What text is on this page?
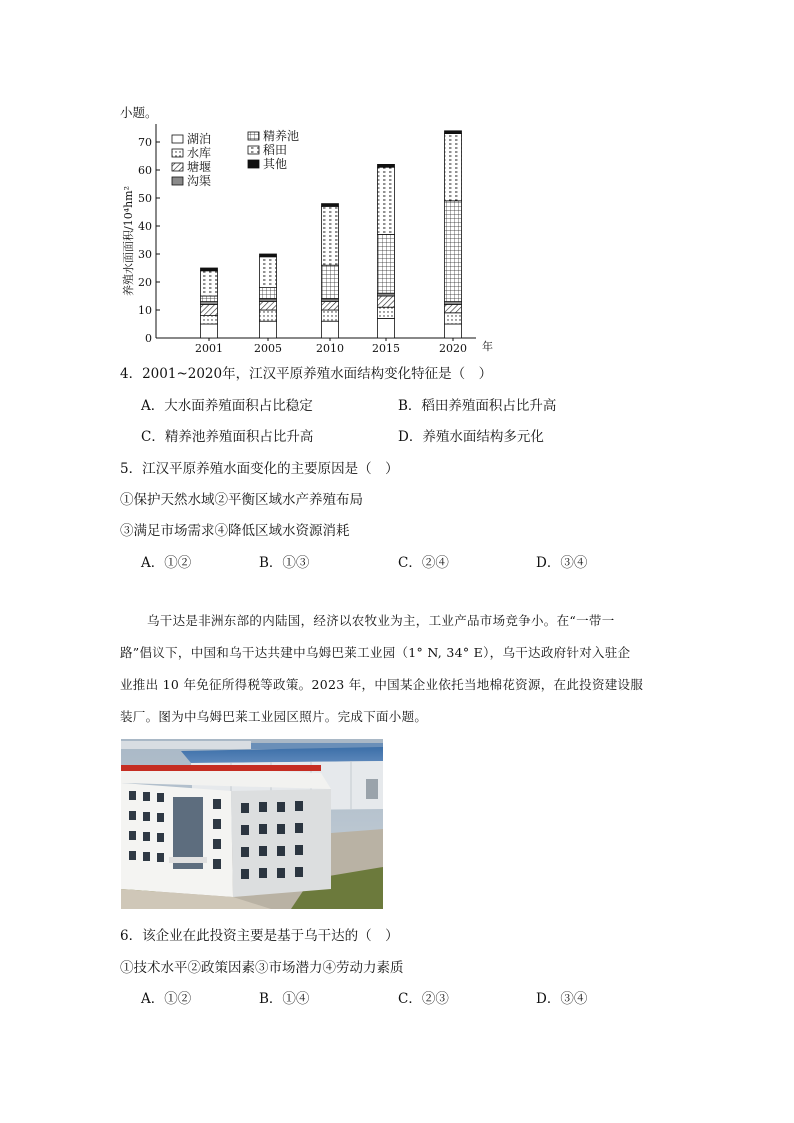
小题。
0
10
20
30
40
50
60
70
养殖水面面积/10⁴hm²
年
2001	2005	2010	2015	2020
湖泊
水库
塘堰
沟渠
精养池
稻田
其他
4．2001~2020年，江汉平原养殖水面结构变化特征是（　）
A．大水面养殖面积占比稳定	B．稻田养殖面积占比升高
C．精养池养殖面积占比升高	D．养殖水面结构多元化
5．江汉平原养殖水面变化的主要原因是（　）
①保护天然水域②平衡区域水产养殖布局
③满足市场需求④降低区域水资源消耗
A．①②	B．①③	C．②④	D．③④
乌干达是非洲东部的内陆国，经济以农牧业为主，工业产品市场竞争小。在“一带一
路”倡议下，中国和乌干达共建中乌姆巴莱工业园（1° N, 34° E），乌干达政府针对入驻企
业推出 10 年免征所得税等政策。2023 年，中国某企业依托当地棉花资源，在此投资建设服
装厂。图为中乌姆巴莱工业园区照片。完成下面小题。
6．该企业在此投资主要是基于乌干达的（　）
①技术水平②政策因素③市场潜力④劳动力素质
A．①②	B．①④	C．②③	D．③④
